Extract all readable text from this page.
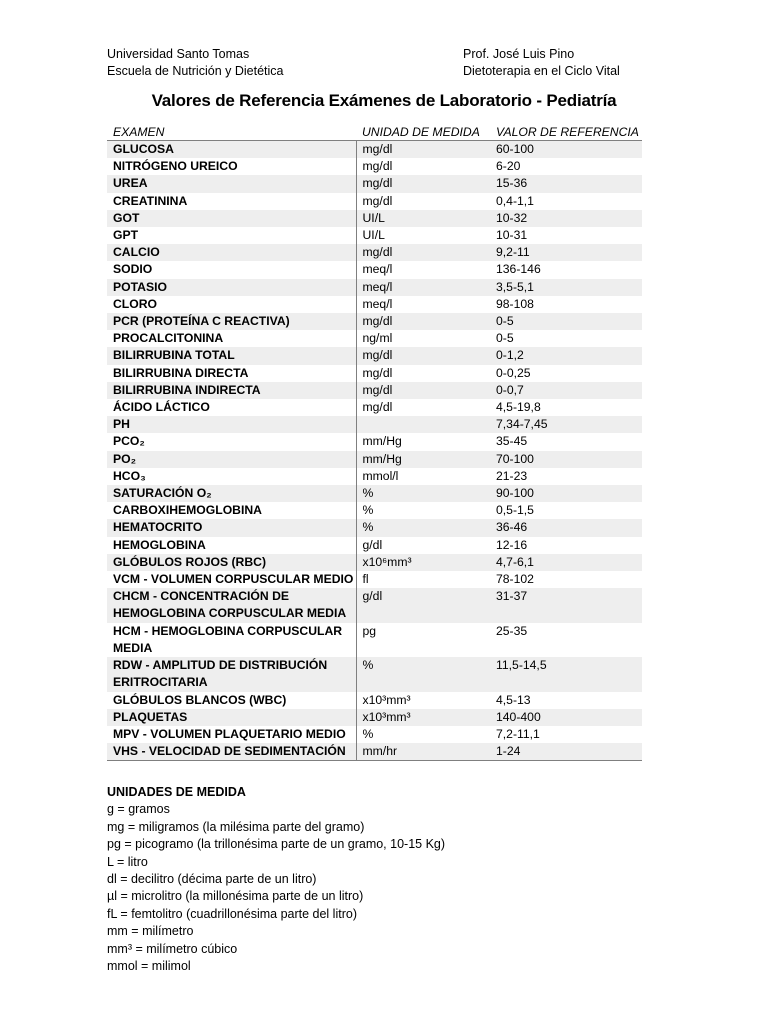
Universidad Santo Tomas
Escuela de Nutrición y Dietética
Prof. José Luis Pino
Dietoterapia en el Ciclo Vital
Valores de Referencia Exámenes de Laboratorio - Pediatría
EXAMEN	UNIDAD DE MEDIDA	VALOR DE REFERENCIA
GLUCOSA	mg/dl	60-100
NITRÓGENO UREICO	mg/dl	6-20
UREA	mg/dl	15-36
CREATININA	mg/dl	0,4-1,1
GOT	UI/L	10-32
GPT	UI/L	10-31
CALCIO	mg/dl	9,2-11
SODIO	meq/l	136-146
POTASIO	meq/l	3,5-5,1
CLORO	meq/l	98-108
PCR (PROTEÍNA C REACTIVA)	mg/dl	0-5
PROCALCITONINA	ng/ml	0-5
BILIRRUBINA TOTAL	mg/dl	0-1,2
BILIRRUBINA DIRECTA	mg/dl	0-0,25
BILIRRUBINA INDIRECTA	mg/dl	0-0,7
ÁCIDO LÁCTICO	mg/dl	4,5-19,8
PH		7,34-7,45
PCO₂	mm/Hg	35-45
PO₂	mm/Hg	70-100
HCO₃	mmol/l	21-23
SATURACIÓN O₂	%	90-100
CARBOXIHEMOGLOBINA	%	0,5-1,5
HEMATOCRITO	%	36-46
HEMOGLOBINA	g/dl	12-16
GLÓBULOS ROJOS (RBC)	x10⁶mm³	4,7-6,1
VCM - VOLUMEN CORPUSCULAR MEDIO	fl	78-102
CHCM - CONCENTRACIÓN DE HEMOGLOBINA CORPUSCULAR MEDIA	g/dl	31-37
HCM - HEMOGLOBINA CORPUSCULAR MEDIA	pg	25-35
RDW - AMPLITUD DE DISTRIBUCIÓN ERITROCITARIA	%	11,5-14,5
GLÓBULOS BLANCOS (WBC)	x10³mm³	4,5-13
PLAQUETAS	x10³mm³	140-400
MPV - VOLUMEN PLAQUETARIO MEDIO	%	7,2-11,1
VHS - VELOCIDAD DE SEDIMENTACIÓN	mm/hr	1-24
UNIDADES DE MEDIDA
g = gramos
mg = miligramos (la milésima parte del gramo)
pg = picogramo (la trillonésima parte de un gramo, 10-15 Kg)
L = litro
dl = decilitro (décima parte de un litro)
µl = microlitro (la millonésima parte de un litro)
fL = femtolitro (cuadrillonésima parte del litro)
mm = milímetro
mm³ = milímetro cúbico
mmol = milimol
